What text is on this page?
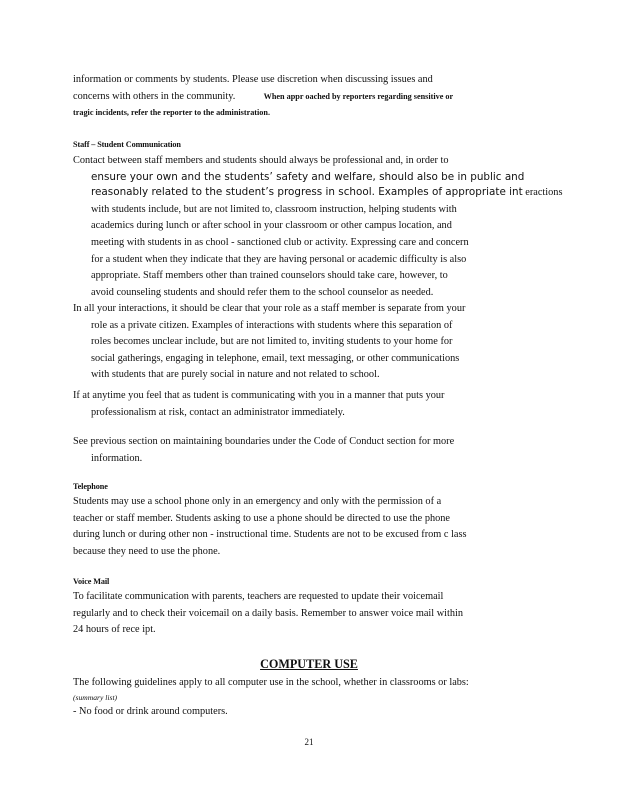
information or comments by students. Please use discretion when discussing issues and
concerns with others in the community.	When appr oached by reporters regarding sensitive or
tragic incidents, refer the reporter to the administration.
Staff – Student Communication
Contact between staff members and students should always be professional and, in order to
ensure your own and the students’ safety and welfare, should also be in public and
reasonably related to the student’s progress in school. Examples of appropriate int eractions
with students include, but are not limited to, classroom instruction, helping students with
academics during lunch or after school in your classroom or other campus location, and
meeting with students in as chool - sanctioned club or activity. Expressing care and concern
for a student when they indicate that they are having personal or academic difficulty is also
appropriate. Staff members other than trained counselors should take care, however, to
avoid counseling students and should refer them to the school counselor as needed.
In all your interactions, it should be clear that your role as a staff member is separate from your
role as a private citizen. Examples of interactions with students where this separation of
roles becomes unclear include, but are not limited to, inviting students to your home for
social gatherings, engaging in telephone, email, text messaging, or other communications
with students that are purely social in nature and not related to school.
If at anytime you feel that as tudent is communicating with you in a manner that puts your
professionalism at risk, contact an administrator immediately.
See previous section on maintaining boundaries under the Code of Conduct section for more
information.
Telephone
Students may use a school phone only in an emergency and only with the permission of a
teacher or staff member. Students asking to use a phone should be directed to use the phone
during lunch or during other non - instructional time. Students are not to be excused from c lass
because they need to use the phone.
Voice Mail
To facilitate communication with parents, teachers are requested to update their voicemail
regularly and to check their voicemail on a daily basis. Remember to answer voice mail within
24 hours of rece ipt.
COMPUTER USE
The following guidelines apply to all computer use in the school, whether in classrooms or labs:
(summary list)
- No food or drink around computers.
21
